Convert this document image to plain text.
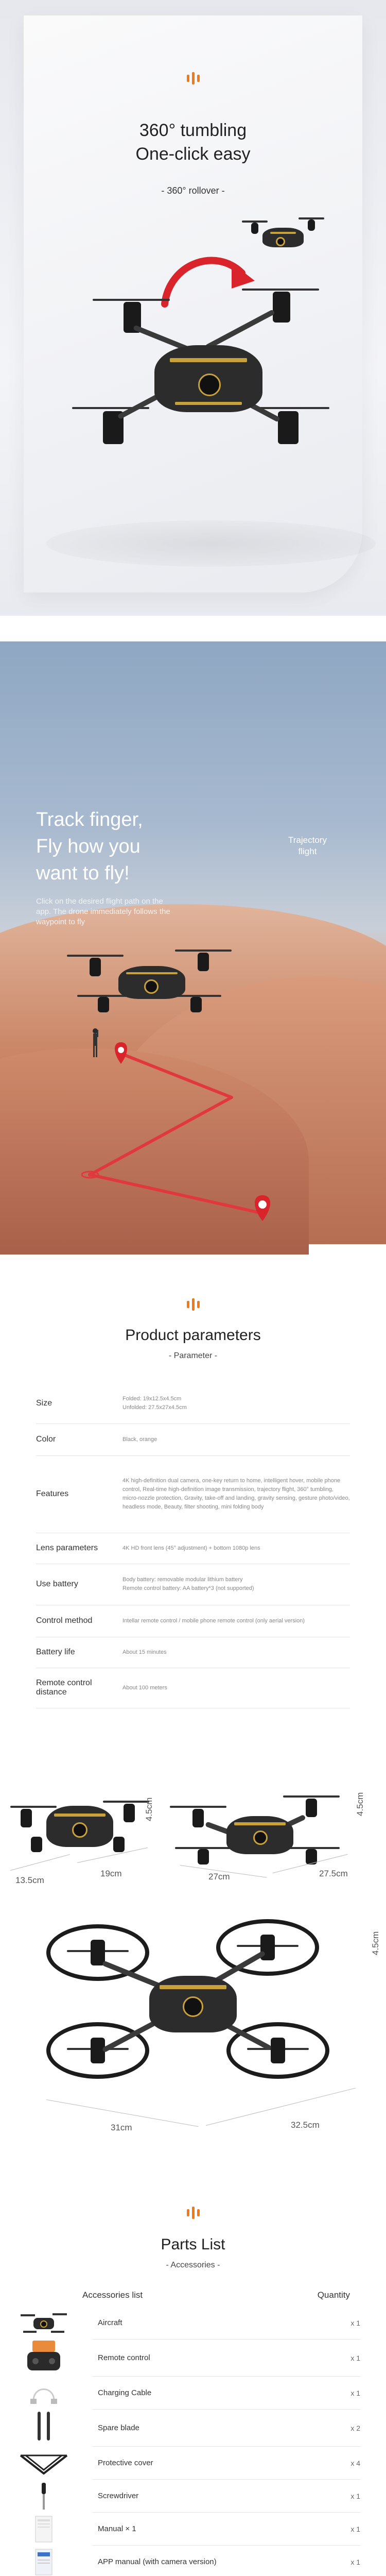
360° tumbling
One-click easy
- 360° rollover -
Track finger,
Fly how you
want to fly!
Click on the desired flight path on the app. The drone immediately follows the waypoint to fly
Trajectory
flight
Product parameters
- Parameter -
Size	Folded: 19x12.5x4.5cm
Unfolded: 27.5x27x4.5cm
Color	Black, orange
Features	4K high-definition dual camera, one-key return to home, intelligent hover, mobile phone control, Real-time high-definition image transmission, trajectory flight, 360° tumbling, micro-nozzle protection, Gravity, take-off and landing, gravity sensing, gesture photo/video, headless mode, Beauty, filter shooting, mini folding body
Lens parameters	4K HD front lens (45° adjustment) + bottom 1080p lens
Use battery	Body battery: removable modular lithium battery
Remote control battery: AA battery*3 (not supported)
Control method	Intellar remote control / mobile phone remote control (only aerial version)
Battery life	About 15 minutes
Remote control distance	About 100 meters
13.5cm
19cm
4.5cm
27cm	27.5cm
4.5cm
4.5cm
31cm	32.5cm
Parts List
- Accessories -
Accessories list	Quantity
Aircraft	x 1
Remote control	x 1
Charging Cable	x 1
Spare blade	x 2
Protective cover	x 4
Screwdriver	x 1
Manual × 1	x 1
APP manual (with camera version)	x 1
